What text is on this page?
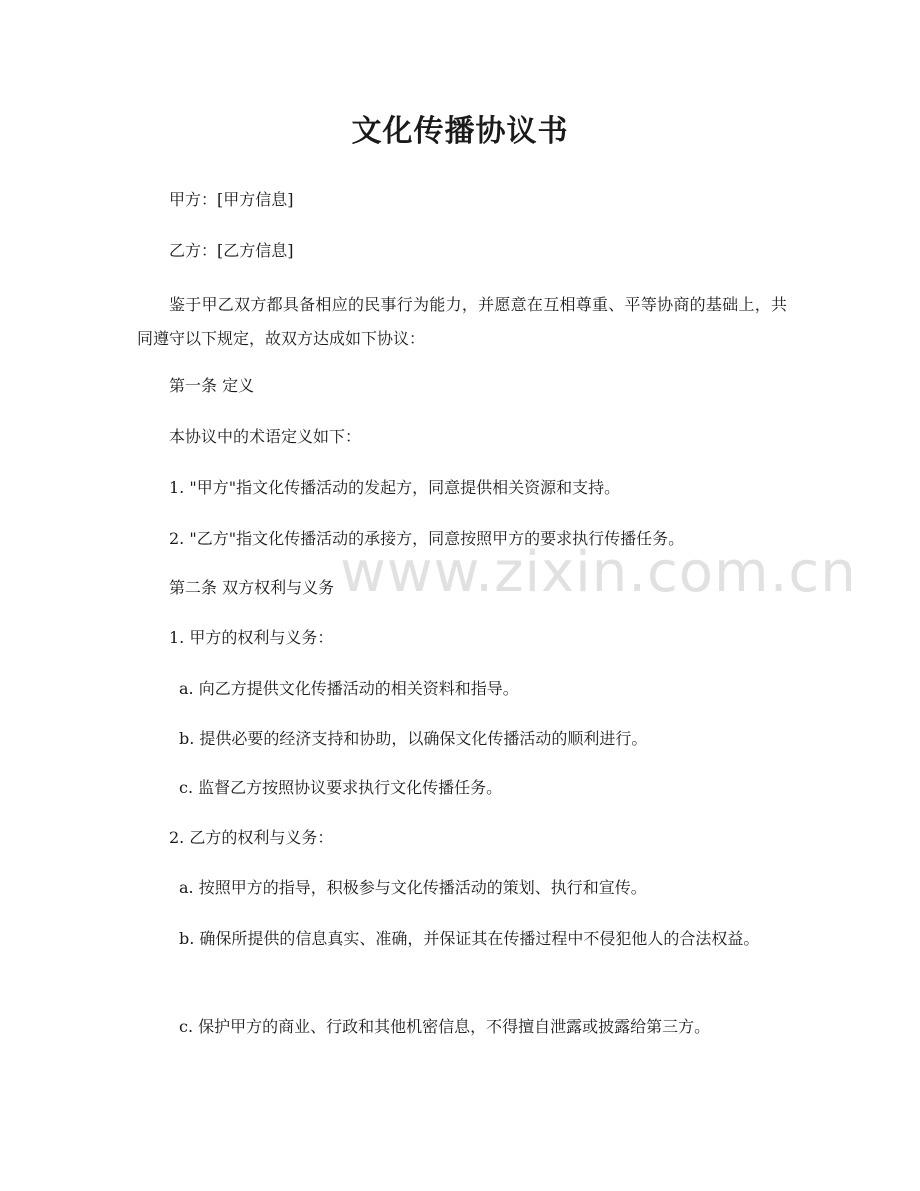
文化传播协议书

甲方：[甲方信息]

乙方：[乙方信息]

鉴于甲乙双方都具备相应的民事行为能力，并愿意在互相尊重、平等协商的基础上，共同遵守以下规定，故双方达成如下协议：

第一条 定义

本协议中的术语定义如下：

1. "甲方"指文化传播活动的发起方，同意提供相关资源和支持。

2. "乙方"指文化传播活动的承接方，同意按照甲方的要求执行传播任务。

第二条 双方权利与义务

1. 甲方的权利与义务：

a. 向乙方提供文化传播活动的相关资料和指导。

b. 提供必要的经济支持和协助，以确保文化传播活动的顺利进行。

c. 监督乙方按照协议要求执行文化传播任务。

2. 乙方的权利与义务：

a. 按照甲方的指导，积极参与文化传播活动的策划、执行和宣传。

b. 确保所提供的信息真实、准确，并保证其在传播过程中不侵犯他人的合法权益。

c. 保护甲方的商业、行政和其他机密信息，不得擅自泄露或披露给第三方。

www.zixin.com.cn
